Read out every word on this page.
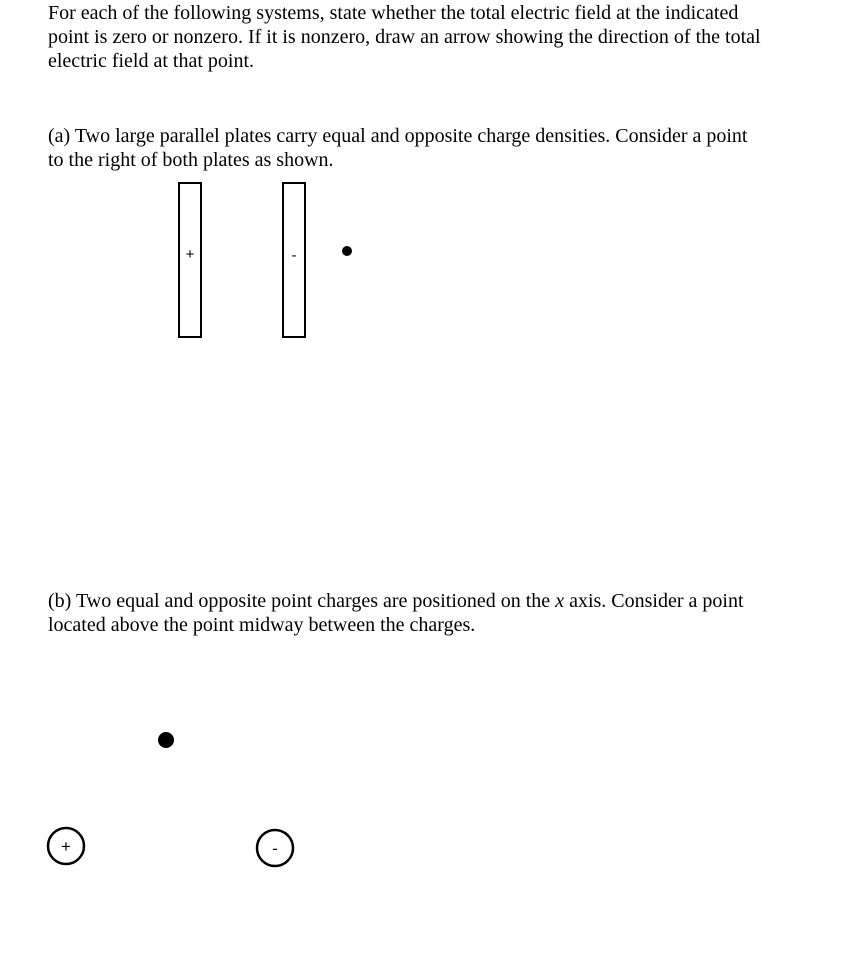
For each of the following systems, state whether the total electric field at the indicated
point is zero or nonzero. If it is nonzero, draw an arrow showing the direction of the total
electric field at that point.

(a) Two large parallel plates carry equal and opposite charge densities. Consider a point
to the right of both plates as shown.

+	-
+	-

(b) Two equal and opposite point charges are positioned on the x axis. Consider a point
located above the point midway between the charges.
